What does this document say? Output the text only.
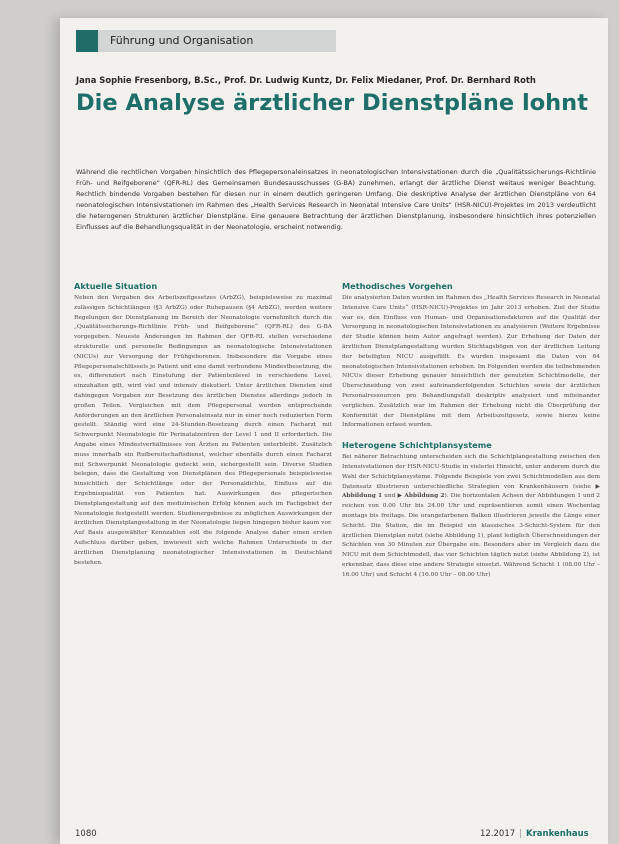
Führung und Organisation
Jana Sophie Fresenborg, B.Sc., Prof. Dr. Ludwig Kuntz, Dr. Felix Miedaner, Prof. Dr. Bernhard Roth
Die Analyse ärztlicher Dienstpläne lohnt

Während die rechtlichen Vorgaben hinsichtlich des Pflegepersonaleinsatzes in neonatologischen Intensivstationen durch die „Qualitätssicherungs-Richtlinie Früh- und Reifgeborene“ (QFR-RL) des Gemeinsamen Bundesausschusses (G-BA) zunehmen, erlangt der ärztliche Dienst weitaus weniger Beachtung. Rechtlich bindende Vorgaben bestehen für diesen nur in einem deutlich geringeren Umfang. Die deskriptive Analyse der ärztlichen Dienstpläne von 64 neonatologischen Intensivstationen im Rahmen des „Health Services Research in Neonatal Intensive Care Units“ (HSR-NICU)-Projektes im 2013 verdeutlicht die heterogenen Strukturen ärztlicher Dienstpläne. Eine genauere Betrachtung der ärztlichen Dienstplanung, insbesondere hinsichtlich ihres potenziellen Einflusses auf die Behandlungsqualität in der Neonatologie, erscheint notwendig.

Aktuelle Situation

Neben den Vorgaben des Arbeitszeitgesetzes (ArbZG), beispielsweise zu maximal zulässigen Schichtlängen (§3 ArbZG) oder Ruhepausen (§4 ArbZG), werden weitere Regelungen der Dienstplanung im Bereich der Neonatologie vornehmlich durch die „Qualitätssicherungs-Richtlinie Früh- und Reifgeborene“ (QFR-RL) des G-BA vorgegeben. Neueste Änderungen im Rahmen der QFR-RL stellen verschiedene strukturelle und personelle Bedingungen an neonatologische Intensivstationen (NICUs) zur Versorgung der Frühgeborenen. Insbesondere die Vorgabe eines Pflegepersonalschlüssels je Patient und eine damit verbundene Mindestbesetzung, die es, differenziert nach Einstufung der Patientenlevel in verschiedene Level, einzuhalten gilt, wird viel und intensiv diskutiert. Unter ärztlichen Diensten sind dahingegen Vorgaben zur Besetzung des ärztlichen Dienstes allerdings jedoch in großen Teilen. Vergleichen mit dem Pflegepersonal werden entsprechende Anforderungen an den ärztlichen Personaleinsatz nur in einer noch reduzierten Form gestellt. Ständig wird eine 24-Stunden-Besetzung durch einen Facharzt mit Schwerpunkt Neonatologie für Perinatalzentren der Level 1 und II erforderlich. Die Angabe eines Mindestverhältnisses von Ärzten zu Patienten unterbleibt. Zusätzlich muss innerhalb ein Rufbereitschaftsdienst, welcher ebenfalls durch einen Facharzt mit Schwerpunkt Neonatologie gedeckt sein, sichergestellt sein. Diverse Studien belegen, dass die Gestaltung von Dienstplänen des Pflegepersonals beispielsweise hinsichtlich der Schichtlänge oder der Personaldichte, Einfluss auf die Ergebnisqualität von Patienten hat. Auswirkungen des pflegerischen Dienstplangestaltung auf den medizinischen Erfolg können auch im Fachgebiet der Neonatologie festgestellt werden. Studienergebnisse zu möglichen Auswirkungen der ärztlichen Dienstplangestaltung in der Neonatologie liegen hingegen bisher kaum vor. Auf Basis ausgewählter Kennzahlen soll die folgende Analyse daher einen ersten Aufschluss darüber geben, inwieweit sich welche Rahmen Unterschiede in der ärztlichen Dienstplanung neonatologischer Intensivstationen in Deutschland bestehen.

Methodisches Vorgehen

Die analysierten Daten wurden im Rahmen des „Health Services Research in Neonatal Intensive Care Units“ (HSR-NICU)-Projektes im Jahr 2013 erhoben. Ziel der Studie war es, den Einfluss von Human- und Organisationsfaktoren auf die Qualität der Versorgung in neonatologischen Intensivstationen zu analysieren (Weitere Ergebnisse der Studie können beim Autor angefragt werden). Zur Erhebung der Daten der ärztlichen Dienstplangestaltung wurden Stichtagsbögen von der ärztlichen Leitung der beteiligten NICU ausgefüllt. Es wurden insgesamt die Daten von 64 neonatologischen Intensivstationen erhoben. Im Folgenden werden die teilnehmenden NICUs dieser Erhebung genauer hinsichtlich der genutzten Schichtmodelle, der Überschneidung von zwei aufeinanderfolgenden Schichten sowie der ärztlichen Personalressourcen pro Behandlungsfall deskriptiv analysiert und miteinander verglichen. Zusätzlich war im Rahmen der Erhebung nicht die Überprüfung der Konformität der Dienstpläne mit dem Arbeitszeitgesetz, sowie hierzu keine Informationen erfasst wurden.

Heterogene Schichtplansysteme

Bei näherer Betrachtung unterscheiden sich die Schichtplangestaltung zwischen den Intensivstationen der HSR-NICU-Studie in vielerlei Hinsicht, unter anderem durch die Wahl der Schichtplansysteme. Folgende Beispiele von zwei Schichtmodellen aus dem Datensatz illustrieren unterschiedliche Strategien von Krankenhäusern (siehe ▶ Abbildung 1 und ▶ Abbildung 2). Die horizontalen Achsen der Abbildungen 1 und 2 reichen von 0.00 Uhr bis 24.00 Uhr und repräsentieren somit einen Wochentag montags bis freitags. Die orangefarbenen Balken illustrieren jeweils die Länge einer Schicht. Die Station, die im Beispiel ein klassisches 3-Schicht-System für den ärztlichen Dienstplan nutzt (siehe Abbildung 1), plant lediglich Überschneidungen der Schichten von 30 Minuten zur Übergabe ein. Besonders aber im Vergleich dazu die NICU mit dem Schichtmodell, das vier Schichten täglich nutzt (siehe Abbildung 2), ist erkennbar, dass diese eine andere Strategie einsetzt. Während Schicht 1 (08.00 Uhr – 16.00 Uhr) und Schicht 4 (16.00 Uhr – 08.00 Uhr)

1080	12.2017 | Krankenhaus
